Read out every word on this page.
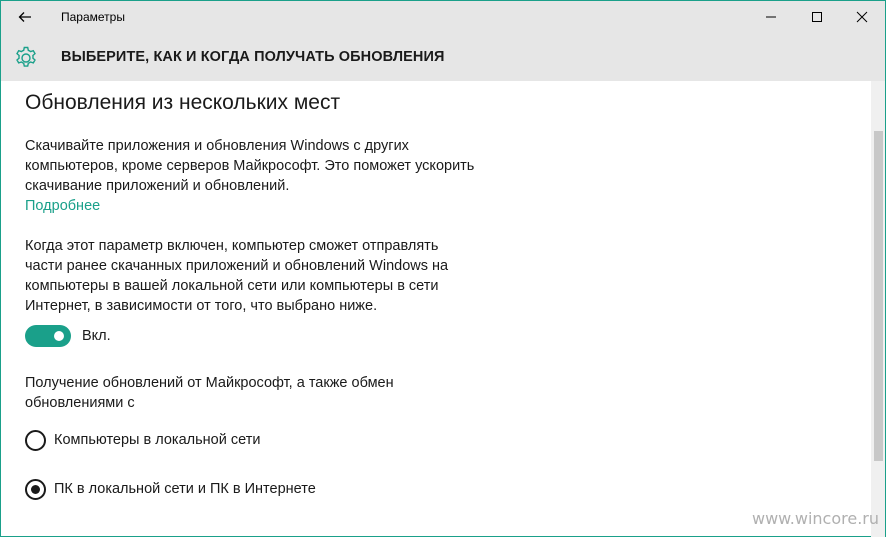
Параметры
ВЫБЕРИТЕ, КАК И КОГДА ПОЛУЧАТЬ ОБНОВЛЕНИЯ
Обновления из нескольких мест
Скачивайте приложения и обновления Windows с других компьютеров, кроме серверов Майкрософт. Это поможет ускорить скачивание приложений и обновлений.
Подробнее
Когда этот параметр включен, компьютер сможет отправлять части ранее скачанных приложений и обновлений Windows на компьютеры в вашей локальной сети или компьютеры в сети Интернет, в зависимости от того, что выбрано ниже.
Вкл.
Получение обновлений от Майкрософт, а также обмен обновлениями с
Компьютеры в локальной сети
ПК в локальной сети и ПК в Интернете
www.wincore.ru
